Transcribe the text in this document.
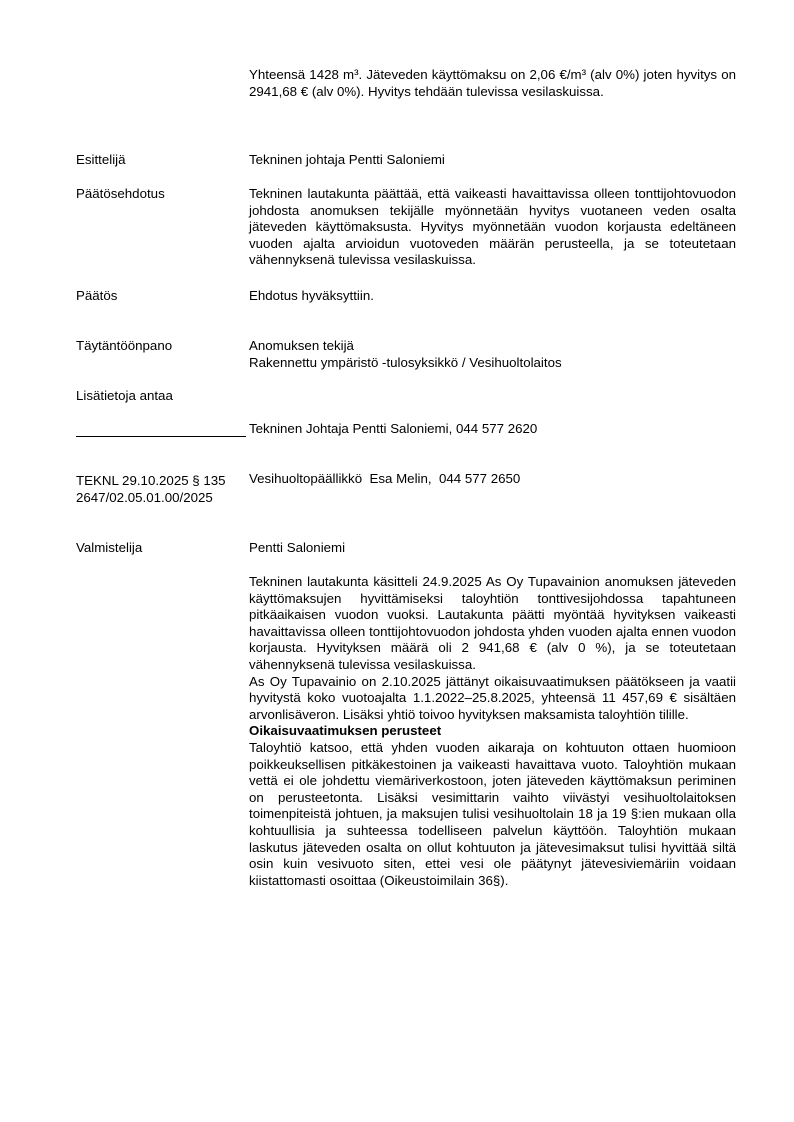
Yhteensä 1428 m³. Jäteveden käyttömaksu on 2,06 €/m³ (alv 0%) joten hyvitys on 2941,68 € (alv 0%). Hyvitys tehdään tulevissa vesilaskuissa.

Esittelijä	Tekninen johtaja Pentti Saloniemi
Päätösehdotus	Tekninen lautakunta päättää, että vaikeasti havaittavissa olleen tonttijohtovuodon johdosta anomuksen tekijälle myönnetään hyvitys vuotaneen veden osalta jäteveden käyttömaksusta. Hyvitys myönnetään vuodon korjausta edeltäneen vuoden ajalta arvioidun vuotoveden määrän perusteella, ja se toteutetaan vähennyksenä tulevissa vesilaskuissa.

Päätös	Ehdotus hyväksyttiin.
Täytäntöönpano	Anomuksen tekijä

Rakennettu ympäristö -tulosyksikkö / Vesihuoltolaitos

Lisätietoja antaa

Tekninen Johtaja Pentti Saloniemi, 044 577 2620

Vesihuoltopäällikkö  Esa Melin,  044 577 2650

TEKNL 29.10.2025 § 135

2647/02.05.01.00/2025

Valmistelija	Pentti Saloniemi

Tekninen lautakunta käsitteli 24.9.2025 As Oy Tupavainion anomuksen jäteveden käyttömaksujen hyvittämiseksi taloyhtiön tonttivesijohdossa tapahtuneen pitkäaikaisen vuodon vuoksi. Lautakunta päätti myöntää hyvityksen vaikeasti havaittavissa olleen tonttijohtovuodon johdosta yhden vuoden ajalta ennen vuodon korjausta. Hyvityksen määrä oli 2 941,68 € (alv 0 %), ja se toteutetaan vähennyksenä tulevissa vesilaskuissa.

As Oy Tupavainio on 2.10.2025 jättänyt oikaisuvaatimuksen päätökseen ja vaatii hyvitystä koko vuotoajalta 1.1.2022–25.8.2025, yhteensä 11 457,69 € sisältäen arvonlisäveron. Lisäksi yhtiö toivoo hyvityksen maksamista taloyhtiön tilille.

Oikaisuvaatimuksen perusteet

Taloyhtiö katsoo, että yhden vuoden aikaraja on kohtuuton ottaen huomioon poikkeuksellisen pitkäkestoinen ja vaikeasti havaittava vuoto. Taloyhtiön mukaan vettä ei ole johdettu viemäriverkostoon, joten jäteveden käyttömaksun periminen on perusteetonta. Lisäksi vesimittarin vaihto viivästyi vesihuoltolaitoksen toimenpiteistä johtuen, ja maksujen tulisi vesihuoltolain 18 ja 19 §:ien mukaan olla kohtuullisia ja suhteessa todelliseen palvelun käyttöön. Taloyhtiön mukaan laskutus jäteveden osalta on ollut kohtuuton ja jätevesimaksut tulisi hyvittää siltä osin kuin vesivuoto siten, ettei vesi ole päätynyt jätevesiviemäriin voidaan kiistattomasti osoittaa (Oikeustoimilain 36§).
